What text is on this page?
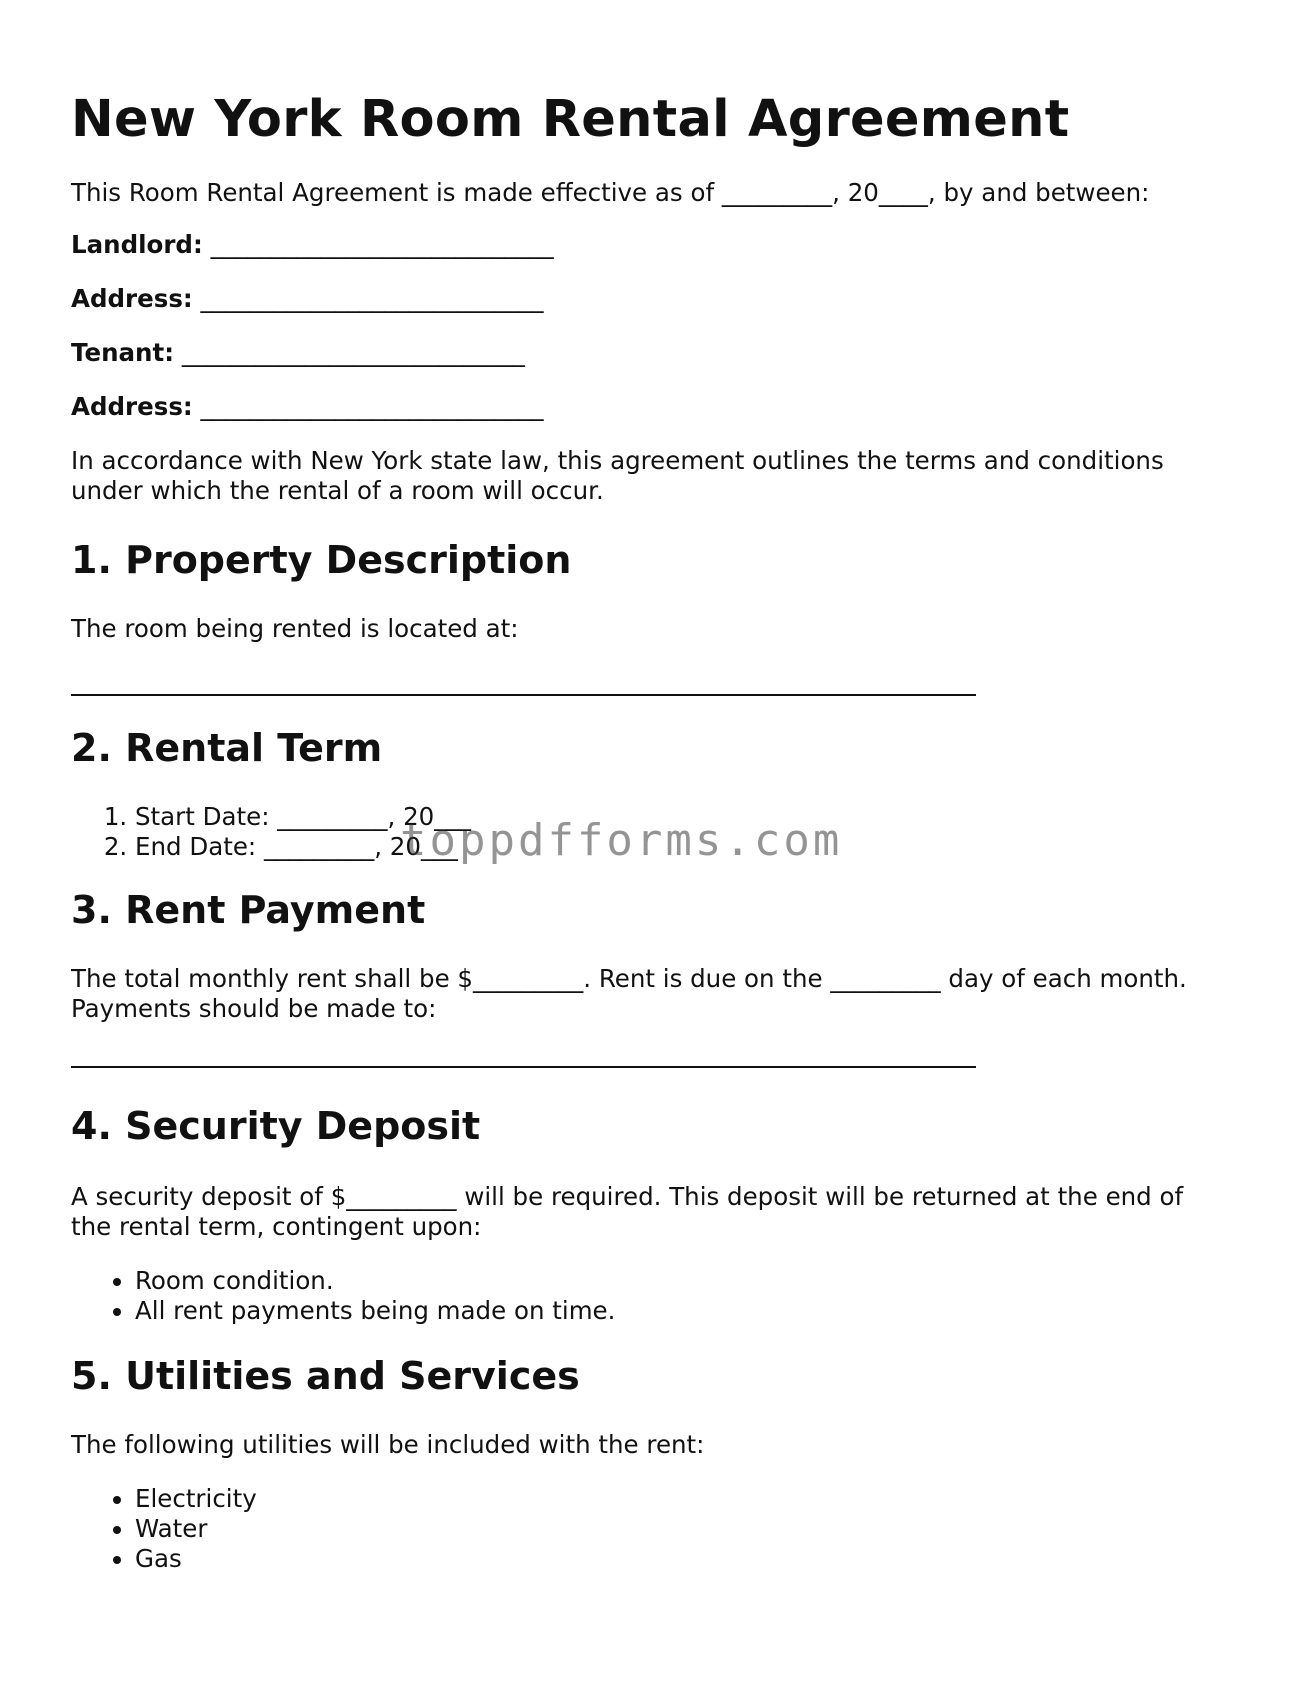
New York Room Rental Agreement

This Room Rental Agreement is made effective as of _________, 20____, by and between:

Landlord: ____________________________
Address: ____________________________
Tenant: ____________________________
Address: ____________________________

In accordance with New York state law, this agreement outlines the terms and conditions under which the rental of a room will occur.

1. Property Description

The room being rented is located at:

2. Rental Term
1. Start Date: _________, 20___
2. End Date: _________, 20___
3. Rent Payment

The total monthly rent shall be $_________. Rent is due on the _________ day of each month. Payments should be made to:

4. Security Deposit

A security deposit of $_________ will be required. This deposit will be returned at the end of the rental term, contingent upon:

• Room condition.
• All rent payments being made on time.
5. Utilities and Services

The following utilities will be included with the rent:

• Electricity
• Water
• Gas
toppdfforms.com
